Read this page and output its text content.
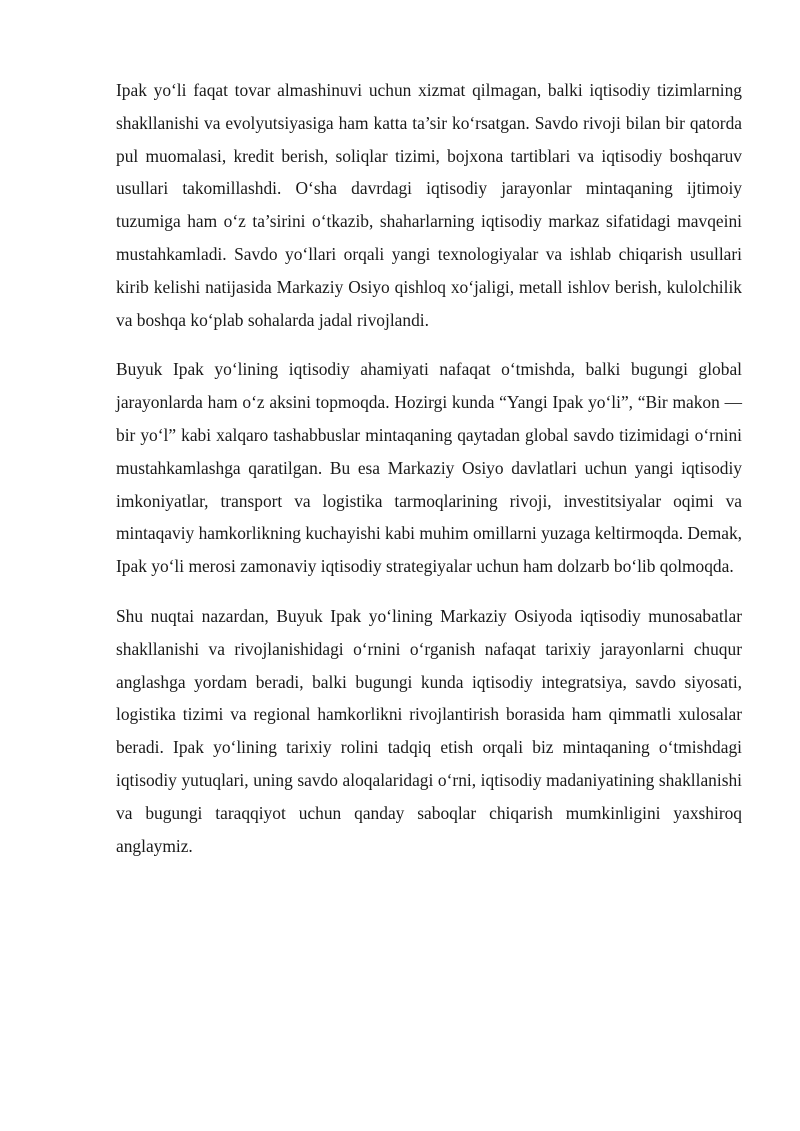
Ipak yo‘li faqat tovar almashinuvi uchun xizmat qilmagan, balki iqtisodiy tizimlarning shakllanishi va evolyutsiyasiga ham katta ta’sir ko‘rsatgan. Savdo rivoji bilan bir qatorda pul muomalasi, kredit berish, soliqlar tizimi, bojxona tartiblari va iqtisodiy boshqaruv usullari takomillashdi. O‘sha davrdagi iqtisodiy jarayonlar mintaqaning ijtimoiy tuzumiga ham o‘z ta’sirini o‘tkazib, shaharlarning iqtisodiy markaz sifatidagi mavqeini mustahkamladi. Savdo yo‘llari orqali yangi texnologiyalar va ishlab chiqarish usullari kirib kelishi natijasida Markaziy Osiyo qishloq xo‘jaligi, metall ishlov berish, kulolchilik va boshqa ko‘plab sohalarda jadal rivojlandi.

Buyuk Ipak yo‘lining iqtisodiy ahamiyati nafaqat o‘tmishda, balki bugungi global jarayonlarda ham o‘z aksini topmoqda. Hozirgi kunda “Yangi Ipak yo‘li”, “Bir makon — bir yo‘l” kabi xalqaro tashabbuslar mintaqaning qaytadan global savdo tizimidagi o‘rnini mustahkamlashga qaratilgan. Bu esa Markaziy Osiyo davlatlari uchun yangi iqtisodiy imkoniyatlar, transport va logistika tarmoqlarining rivoji, investitsiyalar oqimi va mintaqaviy hamkorlikning kuchayishi kabi muhim omillarni yuzaga keltirmoqda. Demak, Ipak yo‘li merosi zamonaviy iqtisodiy strategiyalar uchun ham dolzarb bo‘lib qolmoqda.

Shu nuqtai nazardan, Buyuk Ipak yo‘lining Markaziy Osiyoda iqtisodiy munosabatlar shakllanishi va rivojlanishidagi o‘rnini o‘rganish nafaqat tarixiy jarayonlarni chuqur anglashga yordam beradi, balki bugungi kunda iqtisodiy integratsiya, savdo siyosati, logistika tizimi va regional hamkorlikni rivojlantirish borasida ham qimmatli xulosalar beradi. Ipak yo‘lining tarixiy rolini tadqiq etish orqali biz mintaqaning o‘tmishdagi iqtisodiy yutuqlari, uning savdo aloqalaridagi o‘rni, iqtisodiy madaniyatining shakllanishi va bugungi taraqqiyot uchun qanday saboqlar chiqarish mumkinligini yaxshiroq anglaymiz.
